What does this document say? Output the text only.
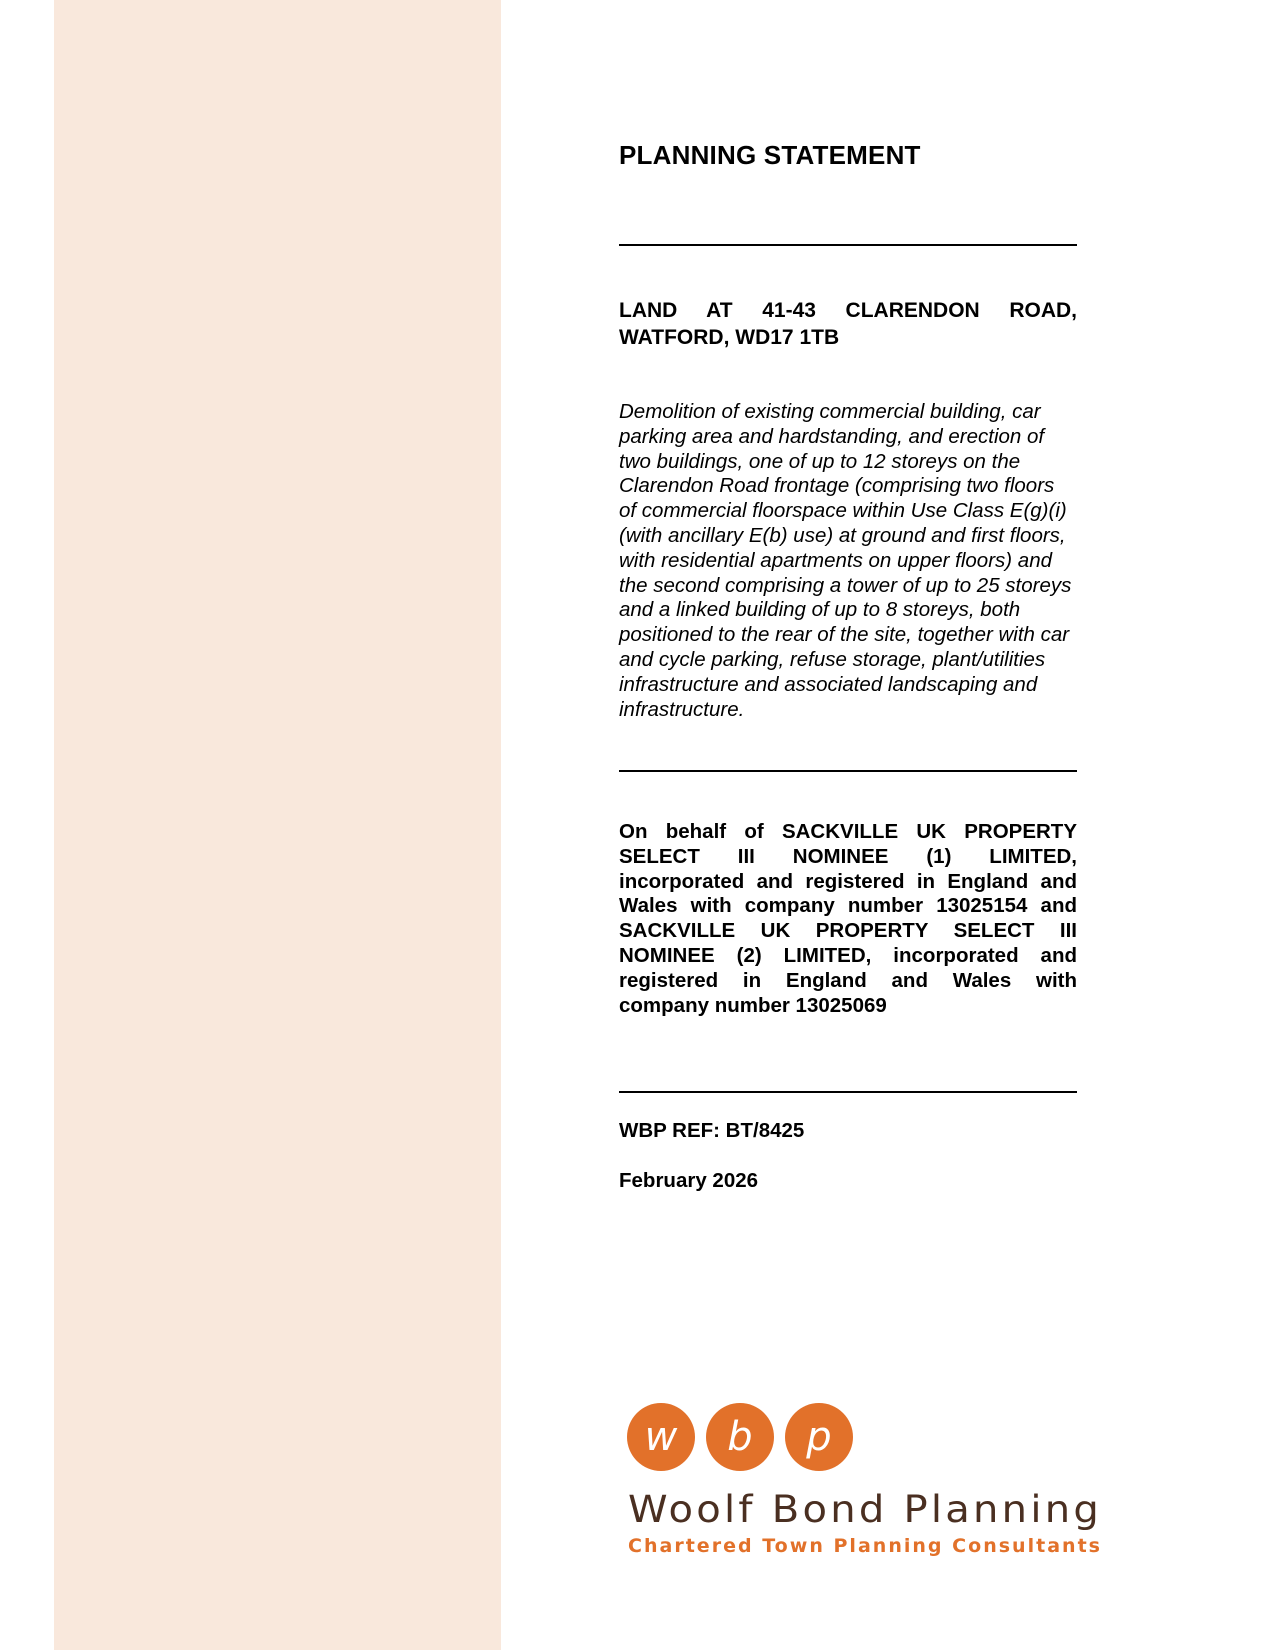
PLANNING STATEMENT

LAND AT 41-43 CLARENDON ROAD, WATFORD, WD17 1TB

Demolition of existing commercial building, car parking area and hardstanding, and erection of two buildings, one of up to 12 storeys on the Clarendon Road frontage (comprising two floors of commercial floorspace within Use Class E(g)(i) (with ancillary E(b) use) at ground and first floors, with residential apartments on upper floors) and the second comprising a tower of up to 25 storeys and a linked building of up to 8 storeys, both positioned to the rear of the site, together with car and cycle parking, refuse storage, plant/utilities infrastructure and associated landscaping and infrastructure.

On behalf of SACKVILLE UK PROPERTY SELECT III NOMINEE (1) LIMITED, incorporated and registered in England and Wales with company number 13025154 and SACKVILLE UK PROPERTY SELECT III NOMINEE (2) LIMITED, incorporated and registered in England and Wales with company number 13025069

WBP REF: BT/8425

February 2026

w b p
Woolf Bond Planning
Chartered Town Planning Consultants
